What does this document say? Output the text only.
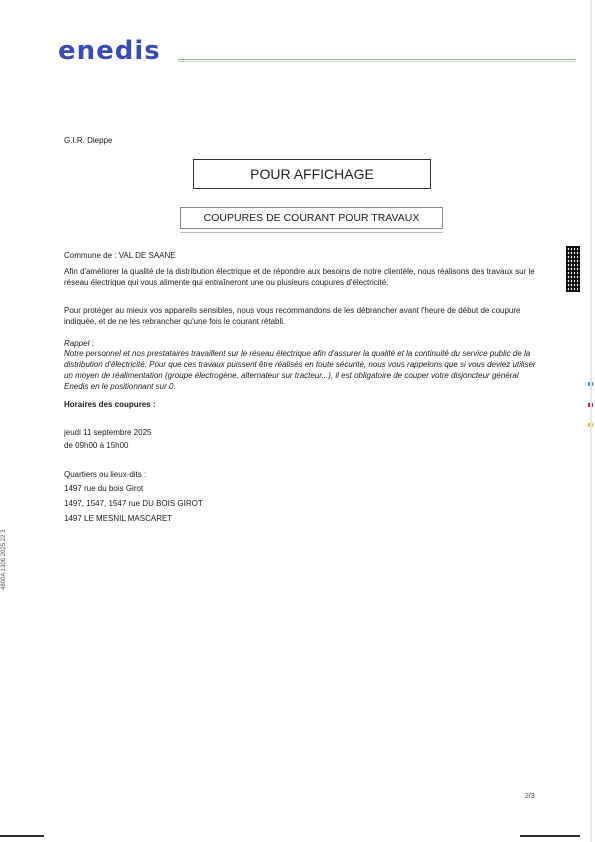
enedis
G.I.R. Dieppe
POUR AFFICHAGE
COUPURES DE COURANT POUR TRAVAUX
Commune de : VAL DE SAANE
Afin d'améliorer la qualité de la distribution électrique et de répondre aux besoins de notre clientèle, nous réalisons des travaux sur le réseau électrique qui vous alimente qui entraîneront une ou plusieurs coupures d'électricité.
Pour protéger au mieux vos appareils sensibles, nous vous recommandons de les débrancher avant l'heure de début de coupure indiquée, et de ne les rebrancher qu'une fois le courant rétabli.
Rappel :
Notre personnel et nos prestataires travaillent sur le réseau électrique afin d'assurer la qualité et la continuité du service public de la distribution d'électricité. Pour que ces travaux puissent être réalisés en toute sécurité, nous vous rappelons que si vous deviez utiliser un moyen de réalimentation (groupe électrogène, alternateur sur tracteur...), il est obligatoire de couper votre disjoncteur général Enedis en le positionnant sur 0.
Horaires des coupures :
jeudi 11 septembre 2025
de 09h00 à 15h00
Quartiers ou lieux-dits :
1497 rue du bois Girot
1497, 1547, 1547 rue DU BOIS GIROT
1497 LE MESNIL MASCARET
4800A 1306 2025 22 3
2/3
